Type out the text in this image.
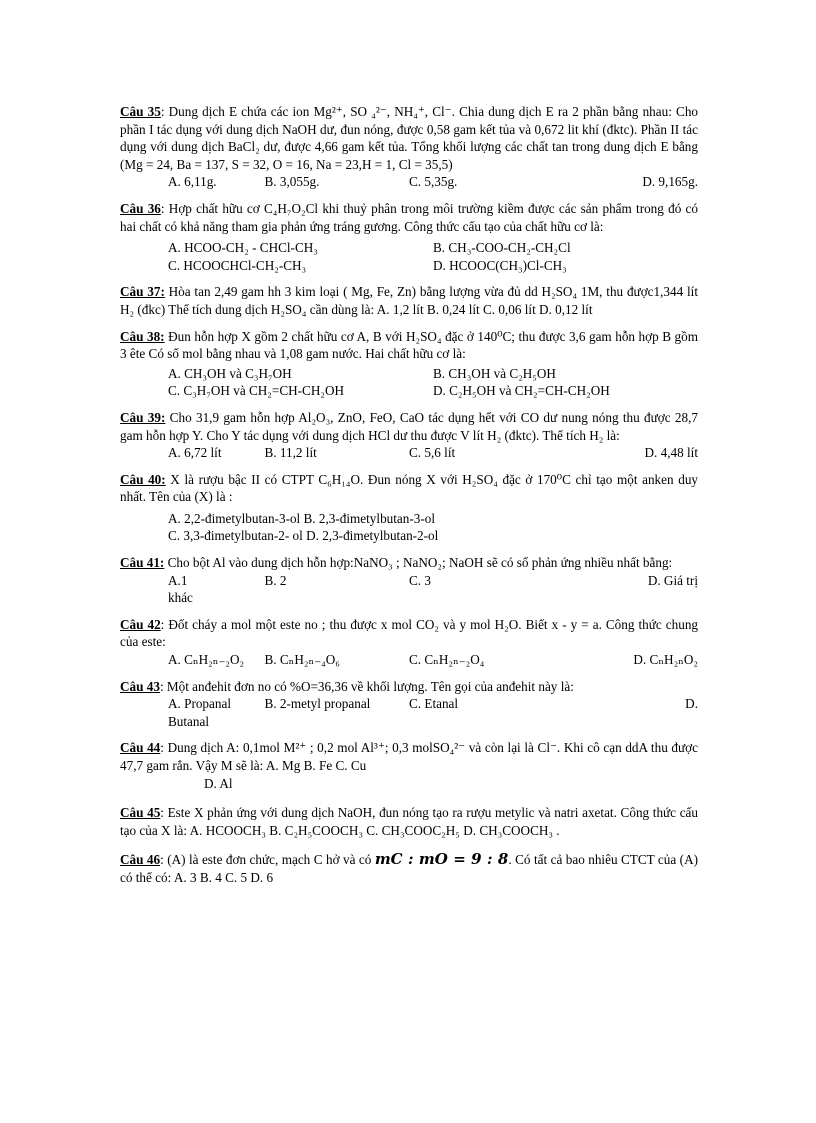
Câu 35: Dung dịch E chứa các ion Mg²⁺, SO ₄²⁻, NH₄⁺, Cl⁻. Chia dung dịch E ra 2 phần bằng nhau: Cho phần I tác dụng với dung dịch NaOH dư, đun nóng, được 0,58 gam kết tủa và 0,672 lit khí (đktc). Phần II tác dụng với dung dịch BaCl₂ dư, được 4,66 gam kết tủa. Tổng khối lượng các chất tan trong dung dịch E bằng (Mg = 24, Ba = 137, S = 32, O = 16, Na = 23,H = 1, Cl = 35,5)
A. 6,11g.	B. 3,055g.	C. 5,35g.	D. 9,165g.
Câu 36: Hợp chất hữu cơ C₄H₇O₂Cl khi thuỷ phân trong môi trường kiềm được các sản phẩm trong đó có hai chất có khả năng tham gia phản ứng tráng gương. Công thức cấu tạo của chất hữu cơ là:
A. HCOO-CH₂ - CHCl-CH₃	B. CH₃-COO-CH₂-CH₂Cl
C. HCOOCHCl-CH₂-CH₃	D. HCOOC(CH₃)Cl-CH₃
Câu 37: Hòa tan 2,49 gam hh 3 kim loại ( Mg, Fe, Zn) bằng lượng vừa đủ dd H₂SO₄ 1M, thu được1,344 lít H₂ (đkc) Thể tích dung dịch H₂SO₄ cần dùng là: A. 1,2 lít B. 0,24 lít C. 0,06 lít D. 0,12 lít
Câu 38: Đun hỗn hợp X gồm 2 chất hữu cơ A, B với H₂SO₄ đặc ở 140⁰C; thu được 3,6 gam hỗn hợp B gồm 3 ête Có số mol bằng nhau và 1,08 gam nước. Hai chất hữu cơ là:
A. CH₃OH và C₃H₇OH	B. CH₃OH và C₂H₅OH
C. C₃H₇OH và CH₂=CH-CH₂OH	D. C₂H₅OH và CH₂=CH-CH₂OH
Câu 39: Cho 31,9 gam hỗn hợp Al₂O₃, ZnO, FeO, CaO tác dụng hết với CO dư nung nóng thu được 28,7 gam hỗn hợp Y. Cho Y tác dụng với dung dịch HCl dư thu được V lít H₂ (đktc). Thể tích H₂ là:
A. 6,72 lít	B. 11,2 lít	C. 5,6 lít	D. 4,48 lít
Câu 40: X là rượu bậc II có CTPT C₆H₁₄O. Đun nóng X với H₂SO₄ đặc ở 170⁰C chỉ tạo một anken duy nhất. Tên của (X) là :
A. 2,2-đimetylbutan-3-ol B. 2,3-đimetylbutan-3-ol
C. 3,3-đimetylbutan-2- ol D. 2,3-đimetylbutan-2-ol
Câu 41: Cho bột Al vào dung dịch hỗn hợp:NaNO₃ ; NaNO₂; NaOH sẽ có số phản ứng nhiều nhất bằng:
A.1	B. 2	C. 3	D. Giá trị
khác
Câu 42: Đốt cháy a mol một este no ; thu được x mol CO₂ và y mol H₂O. Biết x - y = a. Công thức chung của este:
A. CₙH₂ₙ₋₂O₂	B. CₙH₂ₙ₋₄O₆	C. CₙH₂ₙ₋₂O₄	D. CₙH₂ₙO₂
Câu 43: Một anđehit đơn no có %O=36,36 về khối lượng. Tên gọi của anđehit này là:
A. Propanal	B. 2-metyl propanal	C. Etanal	D.
Butanal
Câu 44: Dung dịch A: 0,1mol M²⁺ ; 0,2 mol Al³⁺; 0,3 molSO₄²⁻ và còn lại là Cl⁻. Khi cô cạn ddA thu được 47,7 gam rắn. Vậy M sẽ là: A. Mg B. Fe C. Cu
D. Al
Câu 45: Este X phản ứng với dung dịch NaOH, đun nóng tạo ra rượu metylic và natri axetat. Công thức cấu tạo của X là: A. HCOOCH₃ B. C₂H₅COOCH₃ C. CH₃COOC₂H₅ D. CH₃COOCH₃ .
Câu 46: (A) là este đơn chức, mạch C hở và có mC : mO = 9 : 8. Có tất cả bao nhiêu CTCT của (A) có thể có: A. 3 B. 4 C. 5 D. 6
